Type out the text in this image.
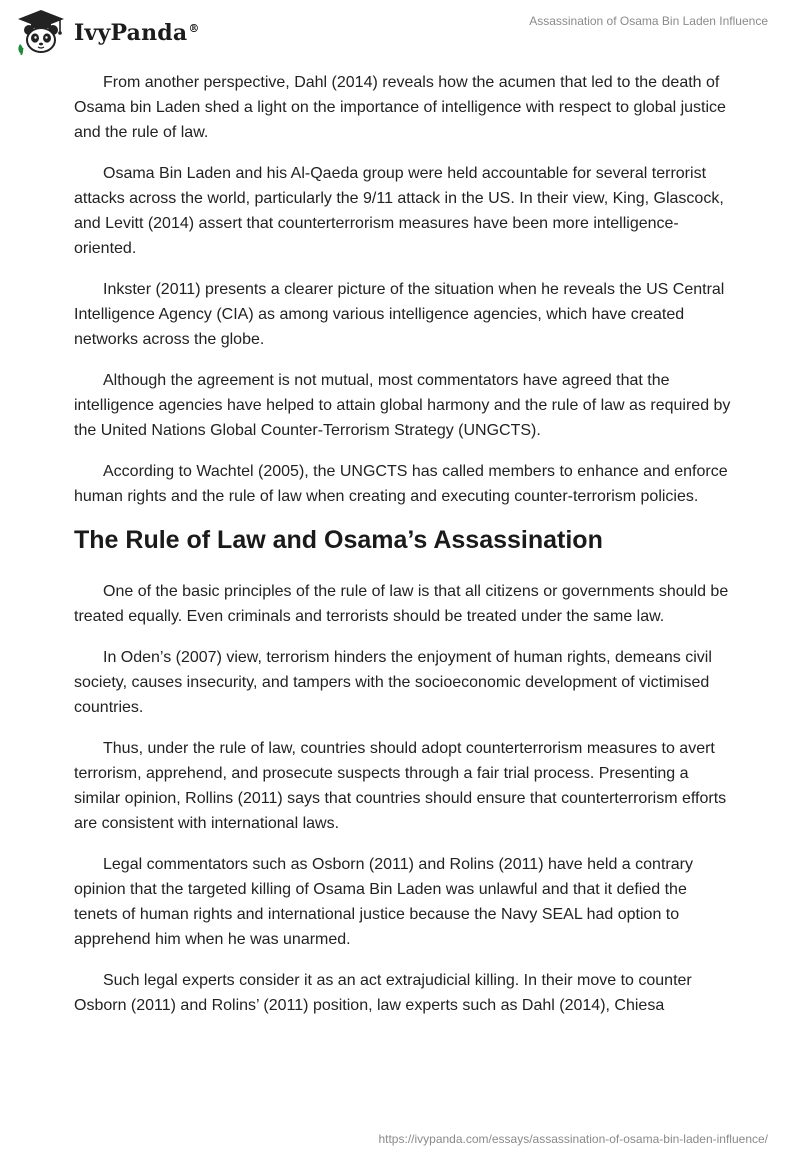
IvyPanda®
Assassination of Osama Bin Laden Influence

From another perspective, Dahl (2014) reveals how the acumen that led to the death of Osama bin Laden shed a light on the importance of intelligence with respect to global justice and the rule of law.

Osama Bin Laden and his Al-Qaeda group were held accountable for several terrorist attacks across the world, particularly the 9/11 attack in the US. In their view, King, Glascock, and Levitt (2014) assert that counterterrorism measures have been more intelligence-oriented.

Inkster (2011) presents a clearer picture of the situation when he reveals the US Central Intelligence Agency (CIA) as among various intelligence agencies, which have created networks across the globe.

Although the agreement is not mutual, most commentators have agreed that the intelligence agencies have helped to attain global harmony and the rule of law as required by the United Nations Global Counter-Terrorism Strategy (UNGCTS).

According to Wachtel (2005), the UNGCTS has called members to enhance and enforce human rights and the rule of law when creating and executing counter-terrorism policies.

The Rule of Law and Osama’s Assassination

One of the basic principles of the rule of law is that all citizens or governments should be treated equally. Even criminals and terrorists should be treated under the same law.

In Oden’s (2007) view, terrorism hinders the enjoyment of human rights, demeans civil society, causes insecurity, and tampers with the socioeconomic development of victimised countries.

Thus, under the rule of law, countries should adopt counterterrorism measures to avert terrorism, apprehend, and prosecute suspects through a fair trial process. Presenting a similar opinion, Rollins (2011) says that countries should ensure that counterterrorism efforts are consistent with international laws.

Legal commentators such as Osborn (2011) and Rolins (2011) have held a contrary opinion that the targeted killing of Osama Bin Laden was unlawful and that it defied the tenets of human rights and international justice because the Navy SEAL had option to apprehend him when he was unarmed.

Such legal experts consider it as an act extrajudicial killing. In their move to counter Osborn (2011) and Rolins’ (2011) position, law experts such as Dahl (2014), Chiesa

https://ivypanda.com/essays/assassination-of-osama-bin-laden-influence/
